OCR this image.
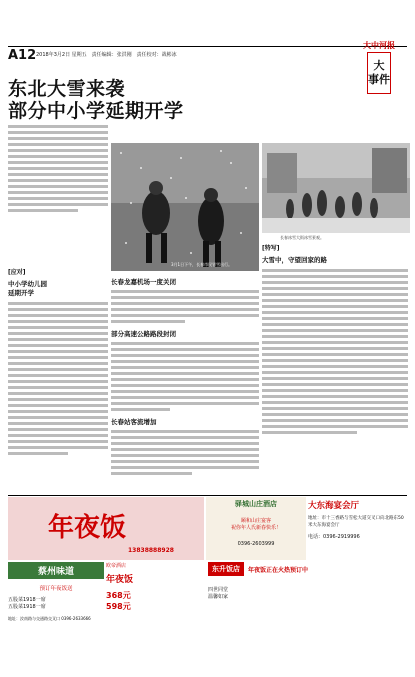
A12 2018年3月2日 星期五　责任编辑：张洪刚　责任校对：战彬冰
大中河报
大
事件
东北大雪来袭
部分中小学延期开学
[应对]
中小学幼儿园
延期开学
3月1日下午，长春市民冒雪出行。
长春冰雪大街冰雪景观。
长春龙嘉机场一度关闭
部分高速公路路段封闭
长春站客流增加
[特写]
大雪中，守望回家的路
年夜饭
13838888928
驿城山庄酒店
颐和山庄宴客
祝你年人氏新春快乐！
0396-2603999
大东海宴会厅
地址：市十三香路与雪松大道交叉口向北路东50米大东海宴会厅
电话：0396-2919996
蔡州味道
预订年夜饭送
五股菜1918一席
五股菜1918一席
地址：汝南路与交通路交叉口 0396-2633666
欧帝酒店
年夜饭
368元
598元
东升饭店	年夜饭正在火热预订中
四世同堂
温馨如家
